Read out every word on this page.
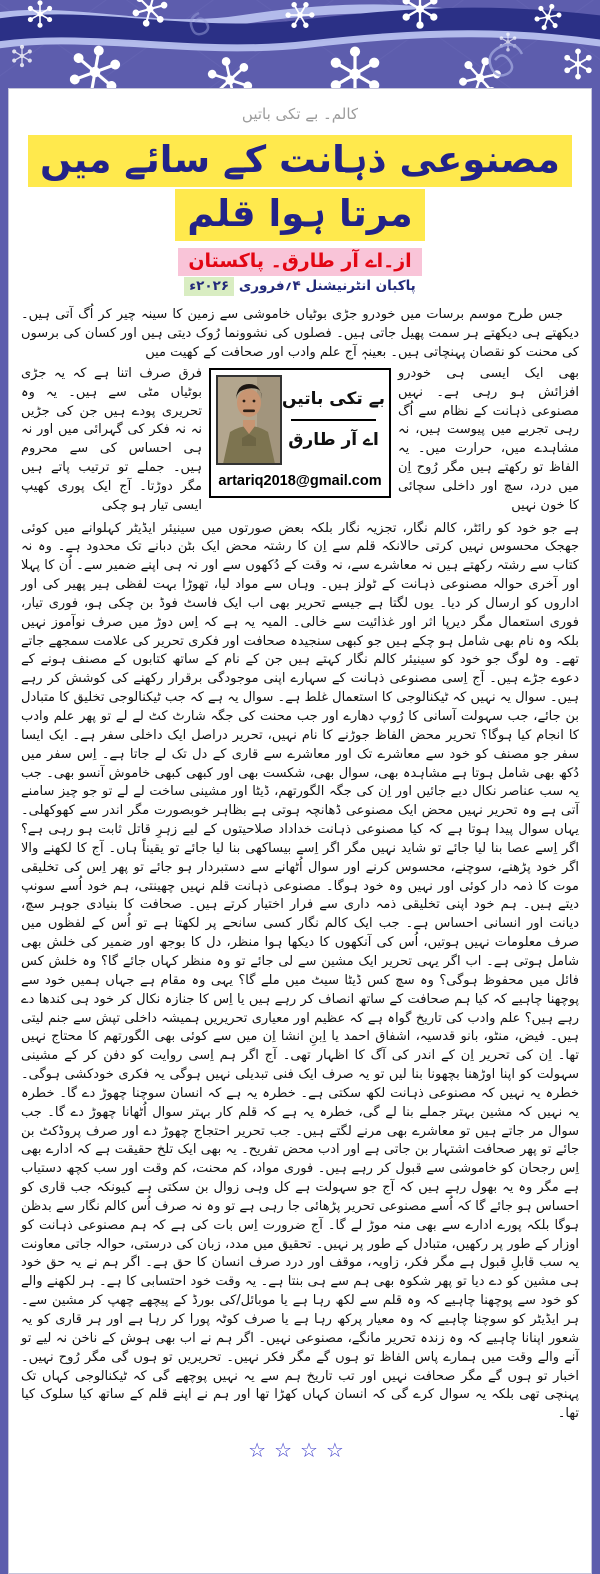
کالم۔ بے تکی باتیں
مصنوعی ذہانت کے سائے میں مرتا ہوا قلم
از۔اے آر طارق۔ پاکستان
پاکبان انٹرنیشنل ۴؍فروری ۲۰۲۶ء

جس طرح موسم برسات میں خودرو جڑی بوٹیاں خاموشی سے زمین کا سینہ چیر کر اُگ آتی ہیں۔ دیکھتے ہی دیکھتے ہر سمت پھیل جاتی ہیں۔ فصلوں کی نشوونما رُوک دیتی ہیں اور کسان کی برسوں کی محنت کو نقصان پہنچاتی ہیں۔ بعینہٖ آج علم وادب اور صحافت کے کھیت میں

بھی ایک ایسی ہی خودرو افزائش ہو رہی ہے۔ نہیں مصنوعی ذہانت کے نظام سے اُگ رہی تجربے میں پیوست ہیں، نہ مشاہدے میں، حرارت میں۔ یہ الفاظ تو رکھتے ہیں مگر رُوح اِن میں درد، سچ اور داخلی سچائی کا خون نہیں

بے تکی باتیں
اے آر طارق
artariq2018@gmail.com

فرق صرف اتنا ہے کہ یہ جڑی بوٹیاں مٹی سے ہیں۔ یہ وہ تحریری پودے ہیں جن کی جڑیں نہ نہ فکر کی گہرائی میں اور نہ ہی احساس کی سے محروم ہیں۔ جملے تو ترتیب پاتے ہیں مگر دوڑتا۔ آج ایک پوری کھیپ ایسی تیار ہو چکی

ہے جو خود کو رائٹر، کالم نگار، تجزیہ نگار بلکہ بعض صورتوں میں سینیئر ایڈیٹر کہلوانے میں کوئی جھجک محسوس نہیں کرتی حالانکہ قلم سے اِن کا رشتہ محض ایک بٹن دبانے تک محدود ہے۔ وہ نہ کتاب سے رشتہ رکھتے ہیں نہ معاشرے سے، نہ وقت کے دُکھوں سے اور نہ ہی اپنے ضمیر سے۔ اُن کا پہلا اور آخری حوالہ مصنوعی ذہانت کے ٹولز ہیں۔ وہاں سے مواد لیا، تھوڑا بہت لفظی ہیر پھیر کی اور اداروں کو ارسال کر دیا۔ یوں لگتا ہے جیسے تحریر بھی اب ایک فاسٹ فوڈ بن چکی ہو، فوری تیار، فوری استعمال مگر دیرپا اثر اور غذائیت سے خالی۔ المیہ یہ ہے کہ اِس دوڑ میں صرف نوآموز نہیں بلکہ وہ نام بھی شامل ہو چکے ہیں جو کبھی سنجیدہ صحافت اور فکری تحریر کی علامت سمجھے جاتے تھے۔ وہ لوگ جو خود کو سینیئر کالم نگار کہتے ہیں جن کے نام کے ساتھ کتابوں کے مصنف ہونے کے دعوے جڑے ہیں۔ آج اِسی مصنوعی ذہانت کے سہارے اپنی موجودگی برقرار رکھنے کی کوشش کر رہے ہیں۔ سوال یہ نہیں کہ ٹیکنالوجی کا استعمال غلط ہے۔ سوال یہ ہے کہ جب ٹیکنالوجی تخلیق کا متبادل بن جائے، جب سہولت آسانی کا رُوپ دھارے اور جب محنت کی جگہ شارٹ کٹ لے لے تو پھر علم وادب کا انجام کیا ہوگا؟ تحریر محض الفاظ جوڑنے کا نام نہیں، تحریر دراصل ایک داخلی سفر ہے۔ ایک ایسا سفر جو مصنف کو خود سے معاشرے تک اور معاشرے سے قاری کے دل تک لے جاتا ہے۔ اِس سفر میں دُکھ بھی شامل ہوتا ہے مشاہدہ بھی، سوال بھی، شکست بھی اور کبھی کبھی خاموش آنسو بھی۔ جب یہ سب عناصر نکال دیے جائیں اور اِن کی جگہ الگورتھم، ڈیٹا اور مشینی ساخت لے لے تو جو چیز سامنے آتی ہے وہ تحریر نہیں محض ایک مصنوعی ڈھانچہ ہوتی ہے بظاہر خوبصورت مگر اندر سے کھوکھلی۔ یہاں سوال پیدا ہوتا ہے کہ کیا مصنوعی ذہانت خداداد صلاحیتوں کے لیے زہرِ قاتل ثابت ہو رہی ہے؟ اگر اِسے عصا بنا لیا جائے تو شاید نہیں مگر اگر اِسے بیساکھی بنا لیا جائے تو یقیناً ہاں۔ آج کا لکھنے والا اگر خود پڑھنے، سوچنے، محسوس کرنے اور سوال اُٹھانے سے دستبردار ہو جائے تو پھر اِس کی تخلیقی موت کا ذمہ دار کوئی اور نہیں وہ خود ہوگا۔ مصنوعی ذہانت قلم نہیں چھینتی، ہم خود اُسے سونپ دیتے ہیں۔ ہم خود اپنی تخلیقی ذمہ داری سے فرار اختیار کرتے ہیں۔ صحافت کا بنیادی جوہر سچ، دیانت اور انسانی احساس ہے۔ جب ایک کالم نگار کسی سانحے پر لکھتا ہے تو اُس کے لفظوں میں صرف معلومات نہیں ہوتیں، اُس کی آنکھوں کا دیکھا ہوا منظر، دل کا بوجھ اور ضمیر کی خلش بھی شامل ہوتی ہے۔ اب اگر یہی تحریر ایک مشین سے لی جائے تو وہ منظر کہاں جائے گا؟ وہ خلش کس فائل میں محفوظ ہوگی؟ وہ سچ کس ڈیٹا سیٹ میں ملے گا؟ یہی وہ مقام ہے جہاں ہمیں خود سے پوچھنا چاہیے کہ کیا ہم صحافت کے ساتھ انصاف کر رہے ہیں یا اِس کا جنازہ نکال کر خود ہی کندھا دے رہے ہیں؟ علم وادب کی تاریخ گواہ ہے کہ عظیم اور معیاری تحریریں ہمیشہ داخلی تپش سے جنم لیتی ہیں۔ فیض، منٹو، بانو قدسیہ، اشفاق احمد یا اِبنِ انشا اِن میں سے کوئی بھی الگورتھم کا محتاج نہیں تھا۔ اِن کی تحریر اِن کے اندر کی آگ کا اظہار تھی۔ آج اگر ہم اِسی روایت کو دفن کر کے مشینی سہولت کو اپنا اوڑھنا بچھونا بنا لیں تو یہ صرف ایک فنی تبدیلی نہیں ہوگی یہ فکری خودکشی ہوگی۔ خطرہ یہ نہیں کہ مصنوعی ذہانت لکھ سکتی ہے۔ خطرہ یہ ہے کہ انسان سوچنا چھوڑ دے گا۔ خطرہ یہ نہیں کہ مشین بہتر جملے بنا لے گی، خطرہ یہ ہے کہ قلم کار بہتر سوال اُٹھانا چھوڑ دے گا۔ جب سوال مر جاتے ہیں تو معاشرے بھی مرنے لگتے ہیں۔ جب تحریر احتجاج چھوڑ دے اور صرف پروڈکٹ بن جائے تو پھر صحافت اشتہار بن جاتی ہے اور ادب محض تفریح۔ یہ بھی ایک تلخ حقیقت ہے کہ ادارے بھی اِس رجحان کو خاموشی سے قبول کر رہے ہیں۔ فوری مواد، کم محنت، کم وقت اور سب کچھ دستیاب ہے مگر وہ یہ بھول رہے ہیں کہ آج جو سہولت ہے کل وہی زوال بن سکتی ہے کیونکہ جب قاری کو احساس ہو جائے گا کہ اُسے مصنوعی تحریر پڑھائی جا رہی ہے تو وہ نہ صرف اُس کالم نگار سے بدظن ہوگا بلکہ پورے ادارے سے بھی منہ موڑ لے گا۔ آج ضرورت اِس بات کی ہے کہ ہم مصنوعی ذہانت کو اوزار کے طور پر رکھیں، متبادل کے طور پر نہیں۔ تحقیق میں مدد، زبان کی درستی، حوالہ جاتی معاونت یہ سب قابلِ قبول ہے مگر فکر، زاویہ، موقف اور درد صرف انسان کا حق ہے۔ اگر ہم نے یہ حق خود ہی مشین کو دے دیا تو پھر شکوہ بھی ہم سے ہی بنتا ہے۔ یہ وقت خود احتسابی کا ہے۔ ہر لکھنے والے کو خود سے پوچھنا چاہیے کہ وہ قلم سے لکھ رہا ہے یا موبائل/کی بورڈ کے پیچھے چھپ کر مشین سے۔ ہر ایڈیٹر کو سوچنا چاہیے کہ وہ معیار پرکھ رہا ہے یا صرف کوٹہ پورا کر رہا ہے اور ہر قاری کو یہ شعور اپنانا چاہیے کہ وہ زندہ تحریر مانگے، مصنوعی نہیں۔ اگر ہم نے اب بھی ہوش کے ناخن نہ لیے تو آنے والے وقت میں ہمارے پاس الفاظ تو ہوں گے مگر فکر نہیں۔ تحریریں تو ہوں گی مگر رُوح نہیں۔ اخبار تو ہوں گے مگر صحافت نہیں اور تب تاریخ ہم سے یہ نہیں پوچھے گی کہ ٹیکنالوجی کہاں تک پہنچی تھی بلکہ یہ سوال کرے گی کہ انسان کہاں کھڑا تھا اور ہم نے اپنے قلم کے ساتھ کیا سلوک کیا تھا۔

☆☆☆☆
